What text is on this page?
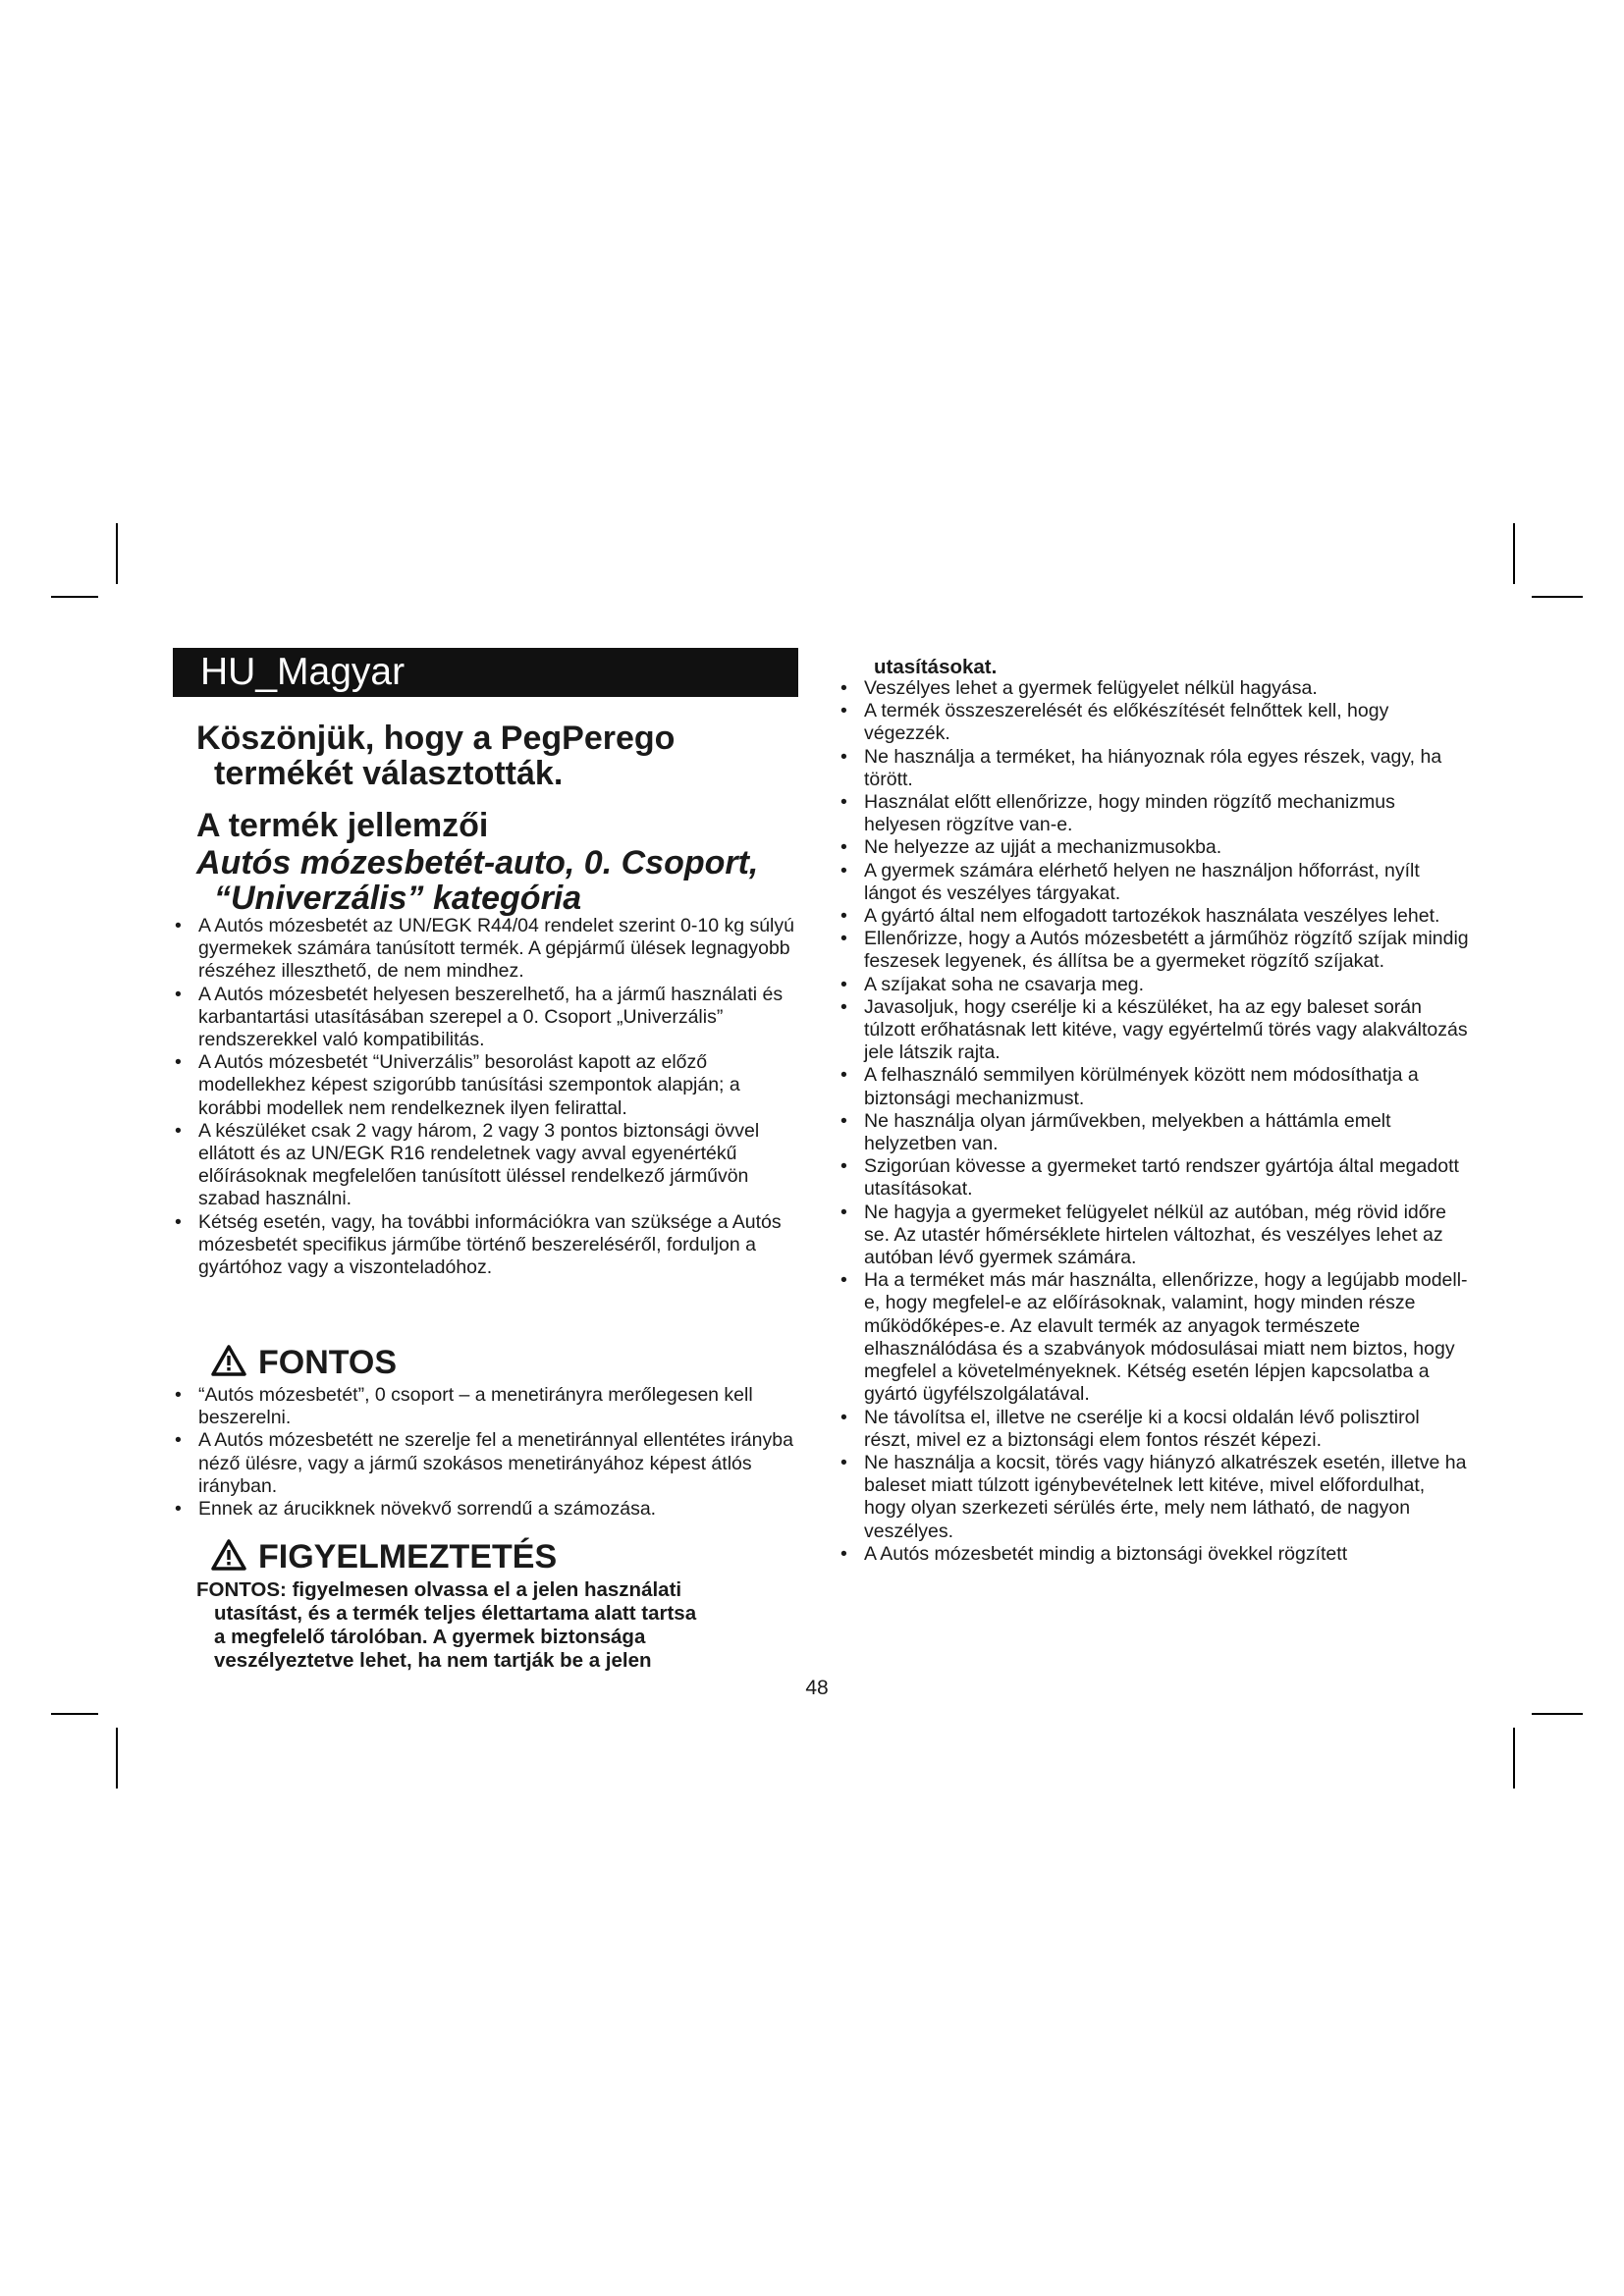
HU_Magyar
Köszönjük, hogy a PegPerego
termékét választották.
A termék jellemzői
Autós mózesbetét-auto, 0. Csoport,
“Univerzális” kategória
• A Autós mózesbetét az UN/EGK R44/04 rendelet szerint 0-10 kg súlyú gyermekek számára tanúsított termék. A gépjármű ülések legnagyobb részéhez illeszthető, de nem mindhez.
• A Autós mózesbetét helyesen beszerelhető, ha a jármű használati és karbantartási utasításában szerepel a 0. Csoport „Univerzális” rendszerekkel való kompatibilitás.
• A Autós mózesbetét “Univerzális” besorolást kapott az előző modellekhez képest szigorúbb tanúsítási szempontok alapján; a korábbi modellek nem rendelkeznek ilyen felirattal.
• A készüléket csak 2 vagy három, 2 vagy 3 pontos biztonsági övvel ellátott és az UN/EGK R16 rendeletnek vagy avval egyenértékű előírásoknak megfelelően tanúsított üléssel rendelkező járművön szabad használni.
• Kétség esetén, vagy, ha további információkra van szüksége a Autós mózesbetét specifikus járműbe történő beszereléséről, forduljon a gyártóhoz vagy a viszonteladóhoz.
FONTOS
• “Autós mózesbetét”, 0 csoport – a menetirányra merőlegesen kell beszerelni.
• A Autós mózesbetétt ne szerelje fel a menetiránnyal ellentétes irányba néző ülésre, vagy a jármű szokásos menetirányához képest átlós irányban.
• Ennek az árucikknek növekvő sorrendű a számozása.
FIGYELMEZTETÉS
FONTOS: figyelmesen olvassa el a jelen használati
utasítást, és a termék teljes élettartama alatt tartsa
a megfelelő tárolóban. A gyermek biztonsága
veszélyeztetve lehet, ha nem tartják be a jelen
utasításokat.
• Veszélyes lehet a gyermek felügyelet nélkül hagyása.
• A termék összeszerelését és előkészítését felnőttek kell, hogy végezzék.
• Ne használja a terméket, ha hiányoznak róla egyes részek, vagy, ha törött.
• Használat előtt ellenőrizze, hogy minden rögzítő mechanizmus helyesen rögzítve van-e.
• Ne helyezze az ujját a mechanizmusokba.
• A gyermek számára elérhető helyen ne használjon hőforrást, nyílt lángot és veszélyes tárgyakat.
• A gyártó által nem elfogadott tartozékok használata veszélyes lehet.
• Ellenőrizze, hogy a Autós mózesbetétt a járműhöz rögzítő szíjak mindig feszesek legyenek, és állítsa be a gyermeket rögzítő szíjakat.
• A szíjakat soha ne csavarja meg.
• Javasoljuk, hogy cserélje ki a készüléket, ha az egy baleset során túlzott erőhatásnak lett kitéve, vagy egyértelmű törés vagy alakváltozás jele látszik rajta.
• A felhasználó semmilyen körülmények között nem módosíthatja a biztonsági mechanizmust.
• Ne használja olyan járművekben, melyekben a háttámla emelt helyzetben van.
• Szigorúan kövesse a gyermeket tartó rendszer gyártója által megadott utasításokat.
• Ne hagyja a gyermeket felügyelet nélkül az autóban, még rövid időre se. Az utastér hőmérséklete hirtelen változhat, és veszélyes lehet az autóban lévő gyermek számára.
• Ha a terméket más már használta, ellenőrizze, hogy a legújabb modell-e, hogy megfelel-e az előírásoknak, valamint, hogy minden része működőképes-e. Az elavult termék az anyagok természete elhasználódása és a szabványok módosulásai miatt nem biztos, hogy megfelel a követelményeknek. Kétség esetén lépjen kapcsolatba a gyártó ügyfélszolgálatával.
• Ne távolítsa el, illetve ne cserélje ki a kocsi oldalán lévő polisztirol részt, mivel ez a biztonsági elem fontos részét képezi.
• Ne használja a kocsit, törés vagy hiányzó alkatrészek esetén, illetve ha baleset miatt túlzott igénybevételnek lett kitéve, mivel előfordulhat, hogy olyan szerkezeti sérülés érte, mely nem látható, de nagyon veszélyes.
• A Autós mózesbetét mindig a biztonsági övekkel rögzített
48
